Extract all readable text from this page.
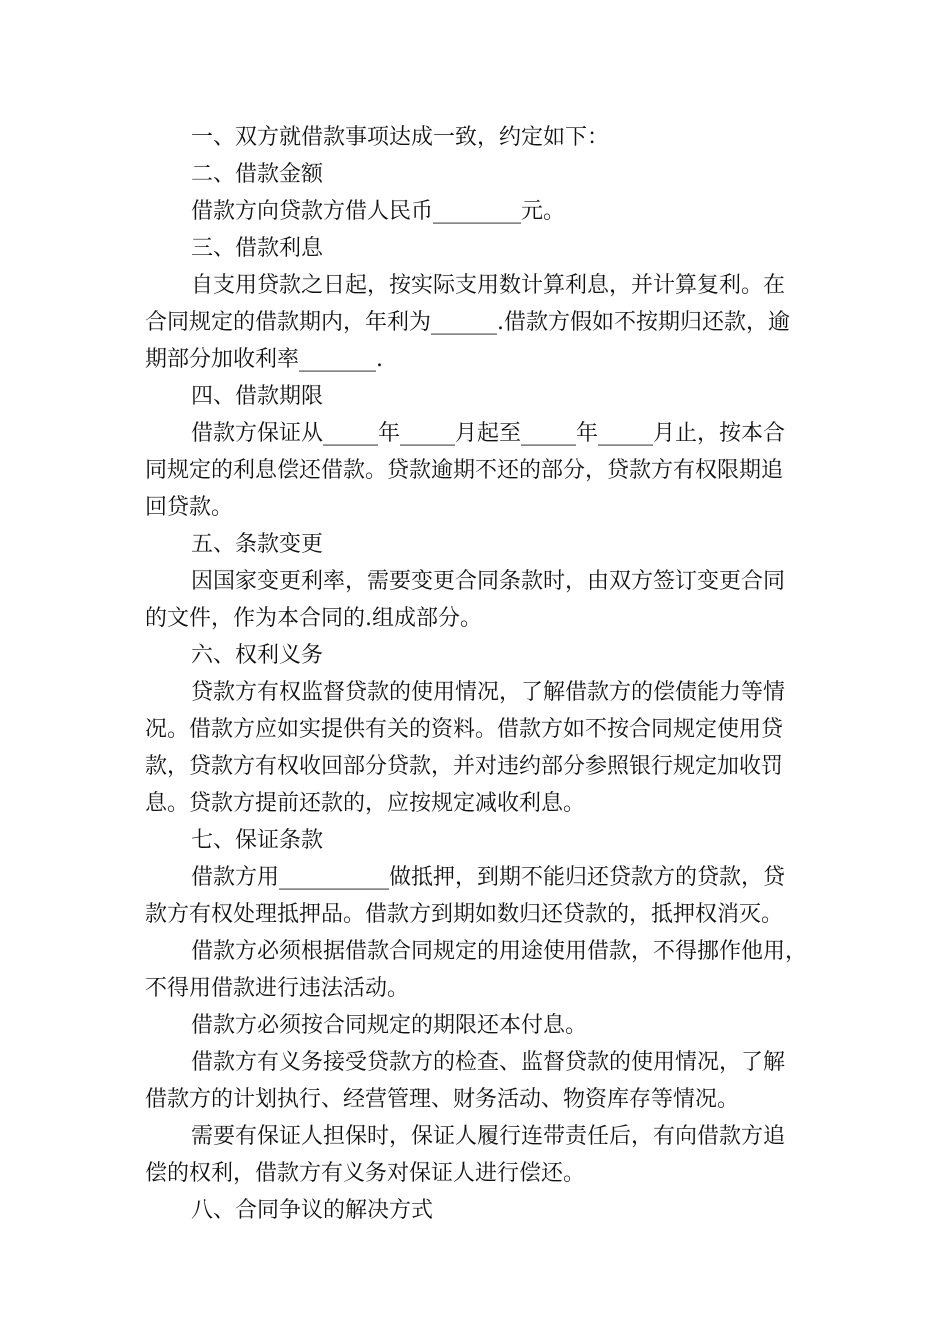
一、双方就借款事项达成一致，约定如下：

二、借款金额

借款方向贷款方借人民币________元。

三、借款利息

自支用贷款之日起，按实际支用数计算利息，并计算复利。在

合同规定的借款期内，年利为______.借款方假如不按期归还款，逾

期部分加收利率_______.

四、借款期限

借款方保证从_____年_____月起至_____年_____月止，按本合

同规定的利息偿还借款。贷款逾期不还的部分，贷款方有权限期追

回贷款。

五、条款变更

因国家变更利率，需要变更合同条款时，由双方签订变更合同

的文件，作为本合同的.组成部分。

六、权利义务

贷款方有权监督贷款的使用情况，了解借款方的偿债能力等情

况。借款方应如实提供有关的资料。借款方如不按合同规定使用贷

款，贷款方有权收回部分贷款，并对违约部分参照银行规定加收罚

息。贷款方提前还款的，应按规定减收利息。

七、保证条款

借款方用__________做抵押，到期不能归还贷款方的贷款，贷

款方有权处理抵押品。借款方到期如数归还贷款的，抵押权消灭。

借款方必须根据借款合同规定的用途使用借款，不得挪作他用，

不得用借款进行违法活动。

借款方必须按合同规定的期限还本付息。

借款方有义务接受贷款方的检查、监督贷款的使用情况，了解

借款方的计划执行、经营管理、财务活动、物资库存等情况。

需要有保证人担保时，保证人履行连带责任后，有向借款方追

偿的权利，借款方有义务对保证人进行偿还。

八、合同争议的解决方式
